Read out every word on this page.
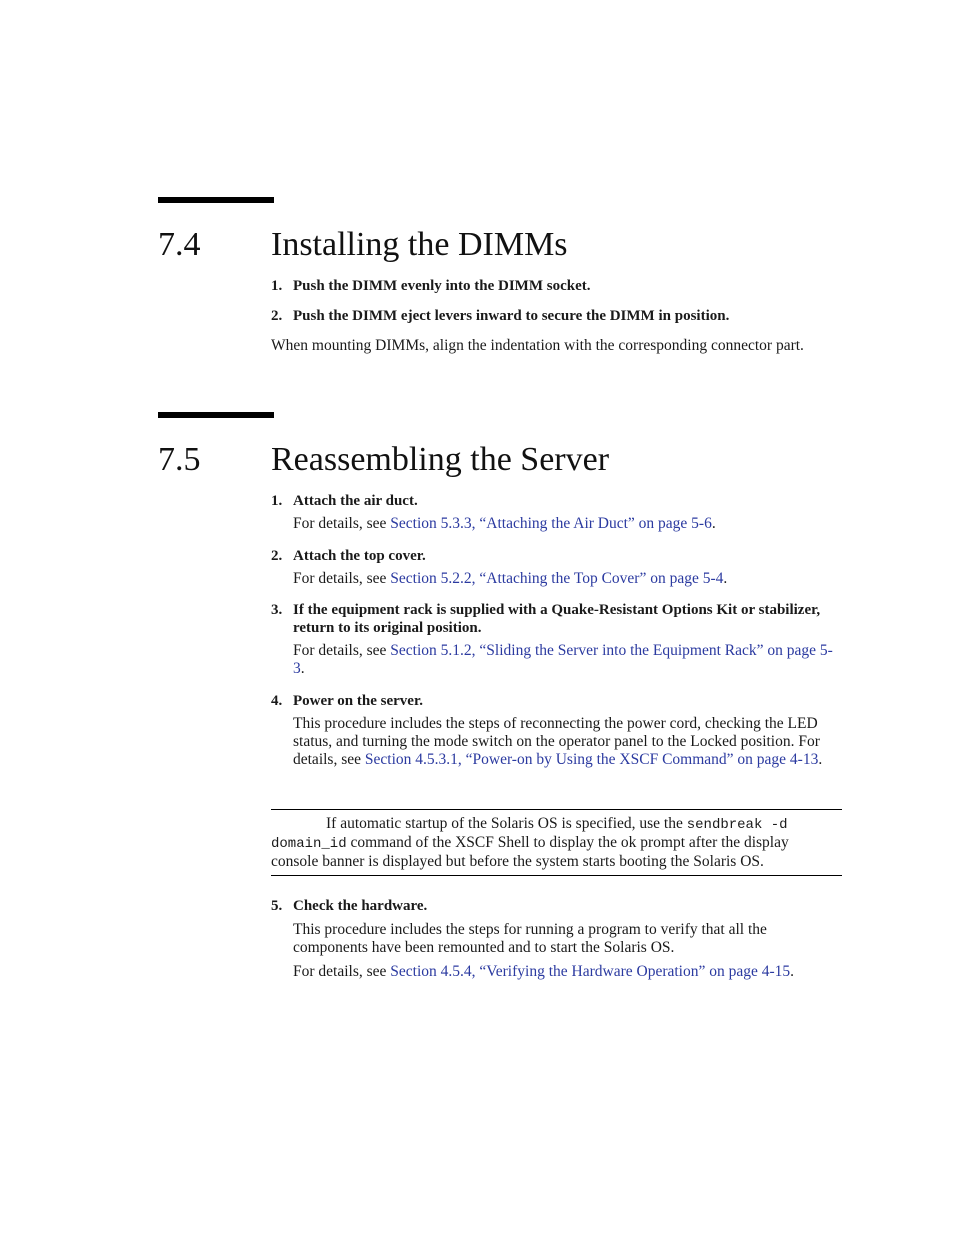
7.4 Installing the DIMMs
1. Push the DIMM evenly into the DIMM socket.
2. Push the DIMM eject levers inward to secure the DIMM in position.
When mounting DIMMs, align the indentation with the corresponding connector part.
7.5 Reassembling the Server
1. Attach the air duct.
For details, see Section 5.3.3, “Attaching the Air Duct” on page 5-6.
2. Attach the top cover.
For details, see Section 5.2.2, “Attaching the Top Cover” on page 5-4.
3. If the equipment rack is supplied with a Quake-Resistant Options Kit or stabilizer, return to its original position.
For details, see Section 5.1.2, “Sliding the Server into the Equipment Rack” on page 5-3.
4. Power on the server.
This procedure includes the steps of reconnecting the power cord, checking the LED status, and turning the mode switch on the operator panel to the Locked position. For details, see Section 4.5.3.1, “Power-on by Using the XSCF Command” on page 4-13.
If automatic startup of the Solaris OS is specified, use the sendbreak -d domain_id command of the XSCF Shell to display the ok prompt after the display console banner is displayed but before the system starts booting the Solaris OS.
5. Check the hardware.
This procedure includes the steps for running a program to verify that all the components have been remounted and to start the Solaris OS.
For details, see Section 4.5.4, “Verifying the Hardware Operation” on page 4-15.
